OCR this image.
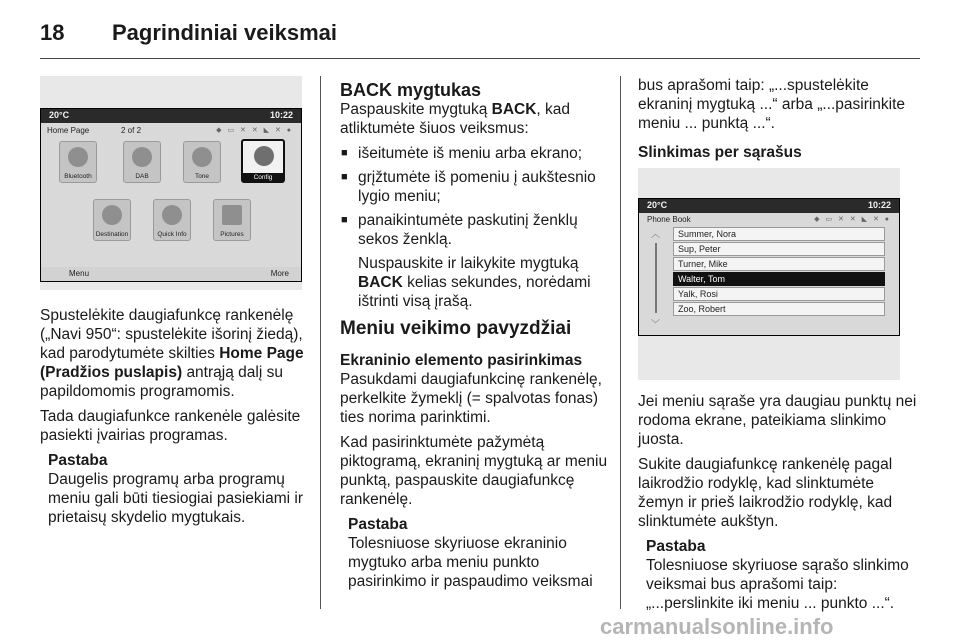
18 Pagrindiniai veiksmai
20°C	10:22
Home Page	2 of 2	◆ ▭ ✕ ✕ ◣ ✕ ●
Bluetooth	DAB	Tone	Config
Destination	Quick Info	Pictures
Menu	More

Spustelėkite daugiafunkcę rankenėlę („Navi 950“: spustelėkite išorinį žiedą), kad parodytumėte skilties Home Page (Pradžios puslapis) antrąją dalį su papildomomis programomis.

Tada daugiafunkce rankenėle galėsite pasiekti įvairias programas.

Pastaba
Daugelis programų arba programų meniu gali būti tiesiogiai pasiekiami ir prietaisų skydelio mygtukais.
BACK mygtukas

Paspauskite mygtuką BACK, kad atliktumėte šiuos veiksmus:

■ išeitumėte iš meniu arba ekrano;
■ grįžtumėte iš pomeniu į aukštesnio lygio meniu;
■ panaikintumėte paskutinį ženklų sekos ženklą.

Nuspauskite ir laikykite mygtuką BACK kelias sekundes, norėdami ištrinti visą įrašą.

Meniu veikimo pavyzdžiai
Ekraninio elemento pasirinkimas

Pasukdami daugiafunkcinę rankenėlę, perkelkite žymeklį (= spalvotas fonas) ties norima parinktimi.

Kad pasirinktumėte pažymėtą piktogramą, ekraninį mygtuką ar meniu punktą, paspauskite daugiafunkcę rankenėlę.

Pastaba
Tolesniuose skyriuose ekraninio mygtuko arba meniu punkto pasirinkimo ir paspaudimo veiksmai

bus aprašomi taip: „...spustelėkite ekraninį mygtuką ...“ arba „...pasirinkite meniu ... punktą ...“.

Slinkimas per sąrašus
20°C	10:22
Phone Book	◆ ▭ ✕ ✕ ◣ ✕ ●
︿
﹀
Summer, Nora
Sup, Peter
Turner, Mike
Walter, Tom
Yalk, Rosi
Zoo, Robert

Jei meniu sąraše yra daugiau punktų nei rodoma ekrane, pateikiama slinkimo juosta.

Sukite daugiafunkcę rankenėlę pagal laikrodžio rodyklę, kad slinktumėte žemyn ir prieš laikrodžio rodyklę, kad slinktumėte aukštyn.

Pastaba
Tolesniuose skyriuose sąrašo slinkimo veiksmai bus aprašomi taip: „...perslinkite iki meniu ... punkto ...“.
carmanualsonline.info
